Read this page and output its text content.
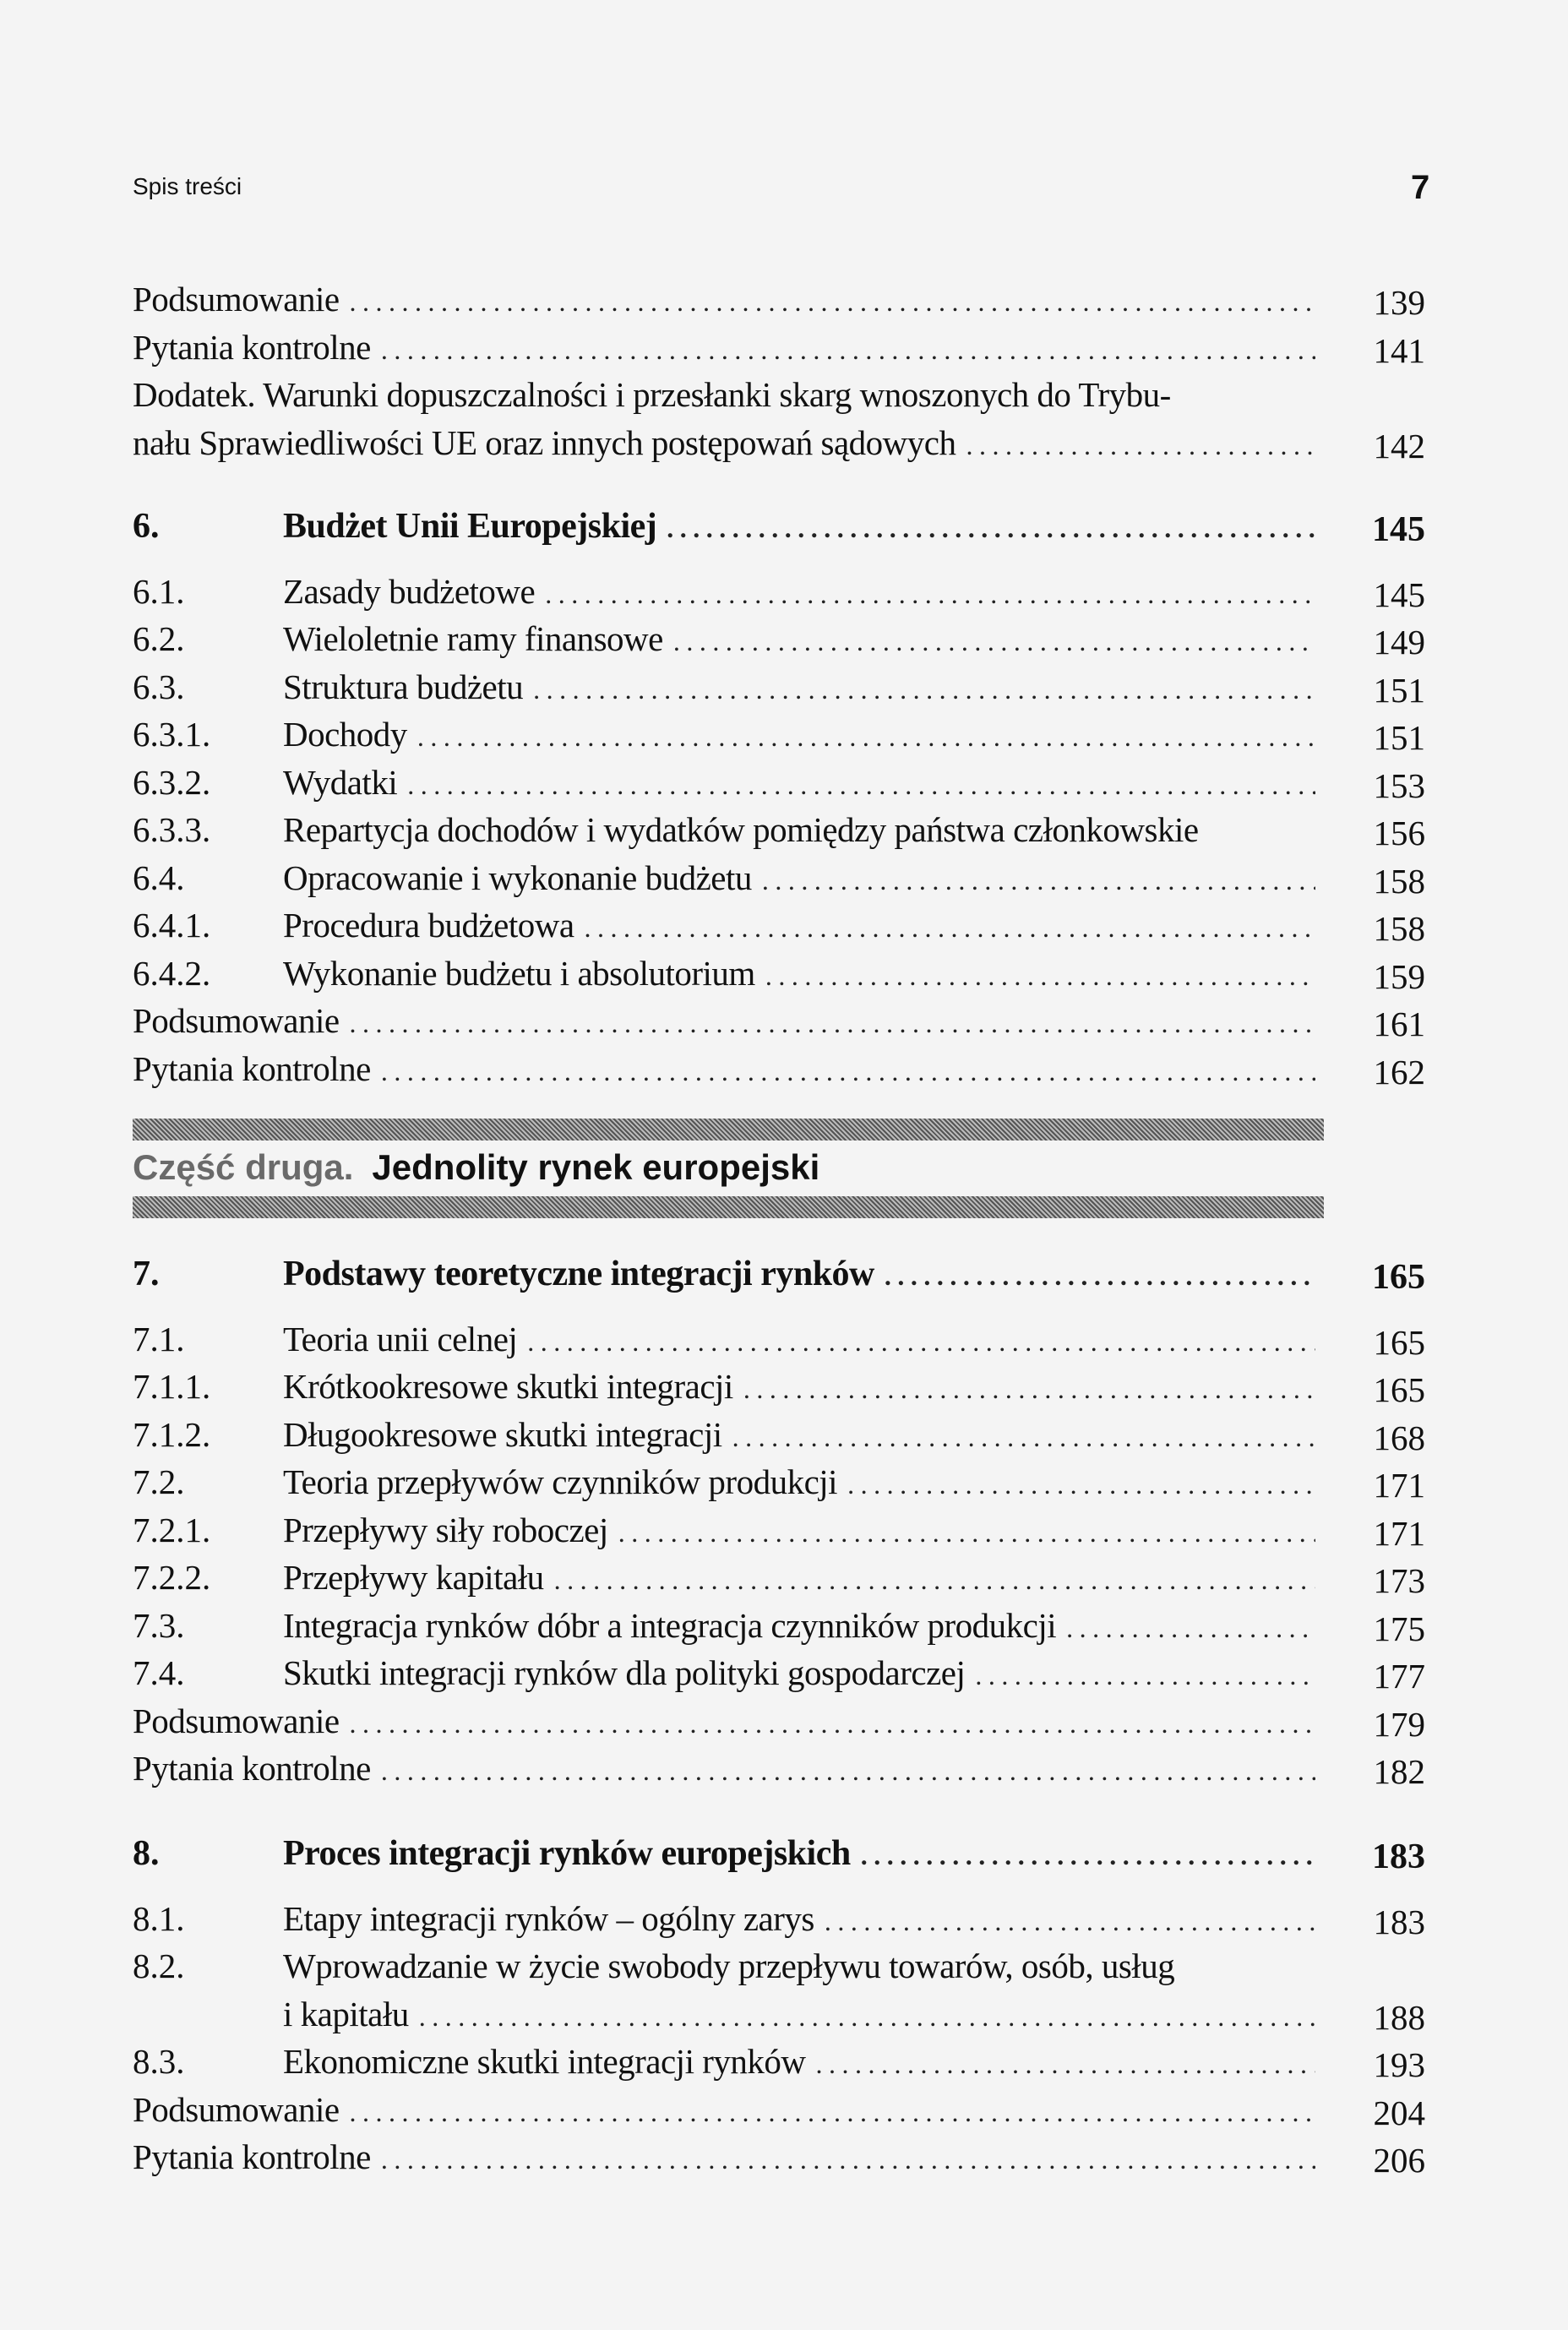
Spis treści	7
Podsumowanie .....	139
Pytania kontrolne .....	141
Dodatek. Warunki dopuszczalności i przesłanki skarg wnoszonych do Trybu-
nału Sprawiedliwości UE oraz innych postępowań sądowych .....	142
6.	Budżet Unii Europejskiej .....	145
6.1.	Zasady budżetowe .....	145
6.2.	Wieloletnie ramy finansowe .....	149
6.3.	Struktura budżetu .....	151
6.3.1. Dochody .....	151
6.3.2. Wydatki .....	153
6.3.3. Repartycja dochodów i wydatków pomiędzy państwa członkowskie	156
6.4.	Opracowanie i wykonanie budżetu .....	158
6.4.1. Procedura budżetowa .....	158
6.4.2. Wykonanie budżetu i absolutorium .....	159
Podsumowanie .....	161
Pytania kontrolne .....	162
Część druga. Jednolity rynek europejski
7.	Podstawy teoretyczne integracji rynków .....	165
7.1.	Teoria unii celnej .....	165
7.1.1. Krótkookresowe skutki integracji .....	165
7.1.2. Długookresowe skutki integracji .....	168
7.2.	Teoria przepływów czynników produkcji .....	171
7.2.1. Przepływy siły roboczej .....	171
7.2.2. Przepływy kapitału .....	173
7.3.	Integracja rynków dóbr a integracja czynników produkcji .....	175
7.4.	Skutki integracji rynków dla polityki gospodarczej .....	177
Podsumowanie .....	179
Pytania kontrolne .....	182
8.	Proces integracji rynków europejskich .....	183
8.1.	Etapy integracji rynków – ogólny zarys .....	183
8.2.	Wprowadzanie w życie swobody przepływu towarów, osób, usług
i kapitału .....	188
8.3.	Ekonomiczne skutki integracji rynków .....	193
Podsumowanie .....	204
Pytania kontrolne .....	206
